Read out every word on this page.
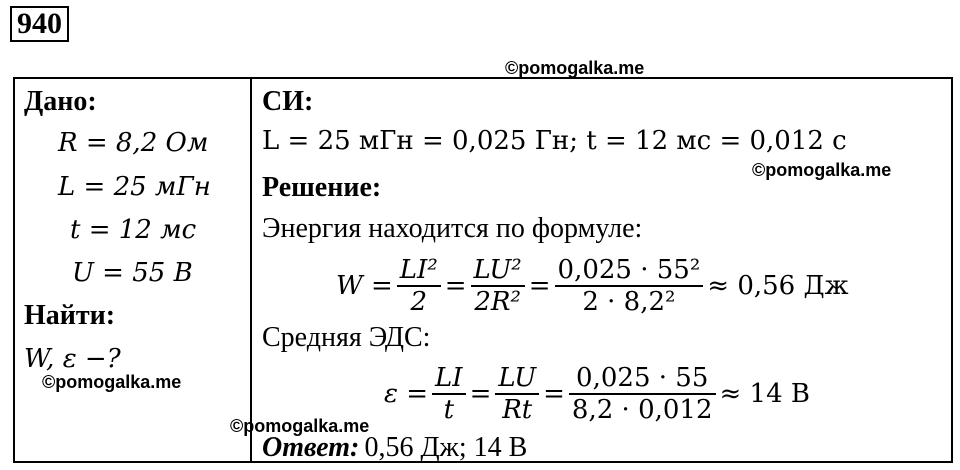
940
©pomogalka.me
©pomogalka.me
©pomogalka.me
©pomogalka.me
Дано:
R = 8,2 Ом
L = 25 мГн
t = 12 мс
U = 55 В
Найти:
W, ε −?
СИ:
L = 25 мГн = 0,025 Гн; t = 12 мс = 0,012 с
Решение:
Энергия находится по формуле:
$W = \frac{\text{LI²}}{2} = \frac{\text{LU²}}{\text{2R²}} = \frac{\text{0,025 · 55²}}{\text{2 · 8,2²}} \approx 0,56$ Дж
Средняя ЭДС:
$\varepsilon = \frac{LI}{t} = \frac{LU}{Rt} = \frac{0,025 \cdot 55}{8,2 \cdot 0,012} \approx 14$ В
Ответ: 0,56 Дж; 14 В
